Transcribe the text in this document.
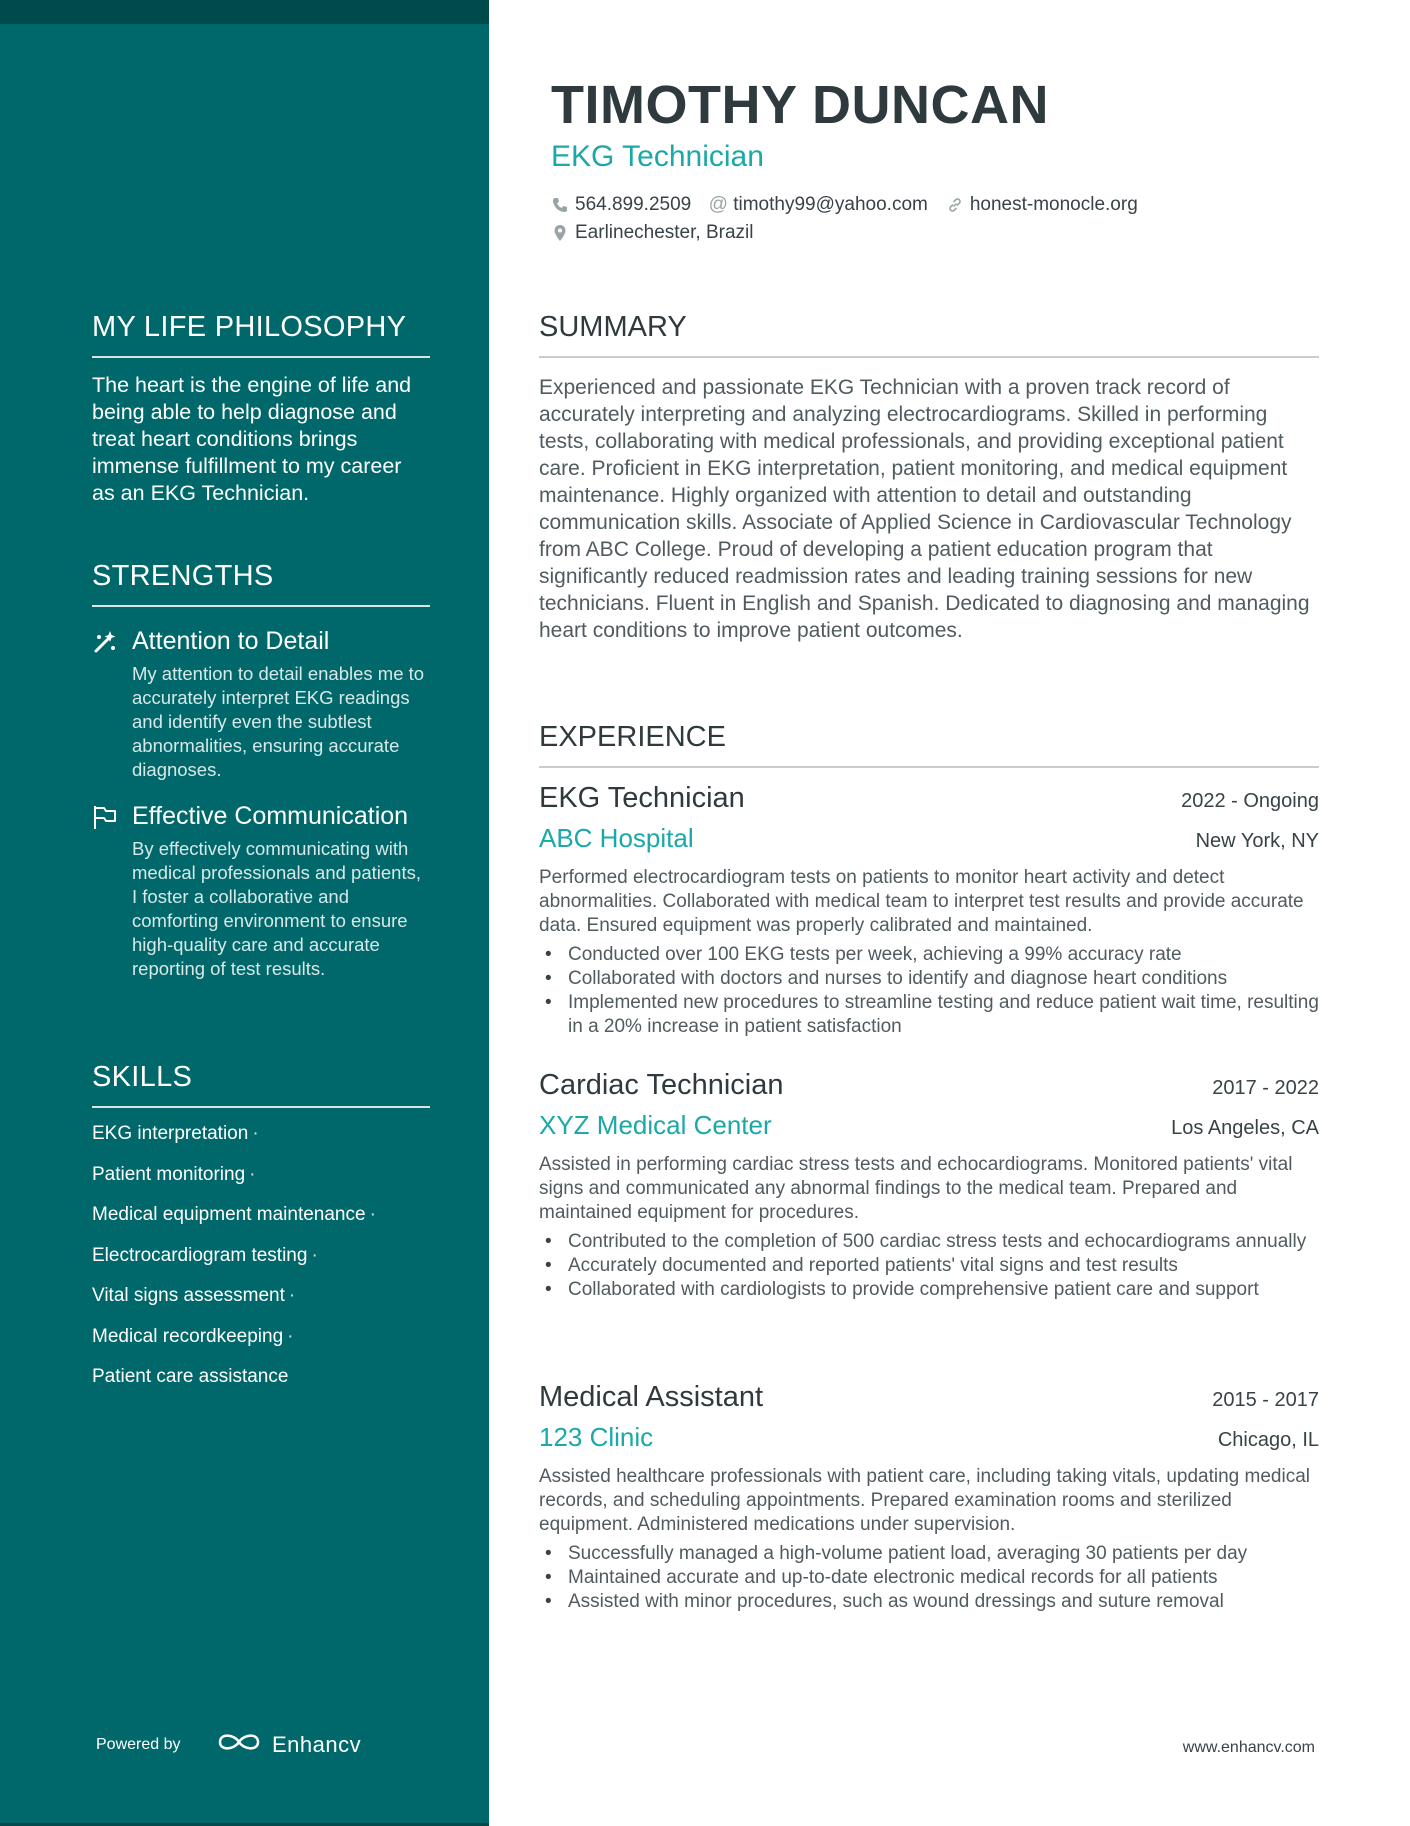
MY LIFE PHILOSOPHY
The heart is the engine of life and being able to help diagnose and treat heart conditions brings immense fulfillment to my career as an EKG Technician.
STRENGTHS
Attention to Detail
My attention to detail enables me to accurately interpret EKG readings and identify even the subtlest abnormalities, ensuring accurate diagnoses.
Effective Communication
By effectively communicating with medical professionals and patients, I foster a collaborative and comforting environment to ensure high-quality care and accurate reporting of test results.
SKILLS
EKG interpretation ·
Patient monitoring ·
Medical equipment maintenance ·
Electrocardiogram testing ·
Vital signs assessment ·
Medical recordkeeping ·
Patient care assistance
Powered by	Enhancv
TIMOTHY DUNCAN
EKG Technician
564.899.2509 @ timothy99@yahoo.com honest-monocle.org
Earlinechester, Brazil
SUMMARY
Experienced and passionate EKG Technician with a proven track record of accurately interpreting and analyzing electrocardiograms. Skilled in performing tests, collaborating with medical professionals, and providing exceptional patient care. Proficient in EKG interpretation, patient monitoring, and medical equipment maintenance. Highly organized with attention to detail and outstanding communication skills. Associate of Applied Science in Cardiovascular Technology from ABC College. Proud of developing a patient education program that significantly reduced readmission rates and leading training sessions for new technicians. Fluent in English and Spanish. Dedicated to diagnosing and managing heart conditions to improve patient outcomes.
EXPERIENCE
EKG Technician	2022 - Ongoing
ABC Hospital	New York, NY
Performed electrocardiogram tests on patients to monitor heart activity and detect abnormalities. Collaborated with medical team to interpret test results and provide accurate data. Ensured equipment was properly calibrated and maintained.
• Conducted over 100 EKG tests per week, achieving a 99% accuracy rate
• Collaborated with doctors and nurses to identify and diagnose heart conditions
• Implemented new procedures to streamline testing and reduce patient wait time, resulting in a 20% increase in patient satisfaction
Cardiac Technician	2017 - 2022
XYZ Medical Center	Los Angeles, CA
Assisted in performing cardiac stress tests and echocardiograms. Monitored patients' vital signs and communicated any abnormal findings to the medical team. Prepared and maintained equipment for procedures.
• Contributed to the completion of 500 cardiac stress tests and echocardiograms annually
• Accurately documented and reported patients' vital signs and test results
• Collaborated with cardiologists to provide comprehensive patient care and support
Medical Assistant	2015 - 2017
123 Clinic	Chicago, IL
Assisted healthcare professionals with patient care, including taking vitals, updating medical records, and scheduling appointments. Prepared examination rooms and sterilized equipment. Administered medications under supervision.
• Successfully managed a high-volume patient load, averaging 30 patients per day
• Maintained accurate and up-to-date electronic medical records for all patients
• Assisted with minor procedures, such as wound dressings and suture removal
www.enhancv.com
